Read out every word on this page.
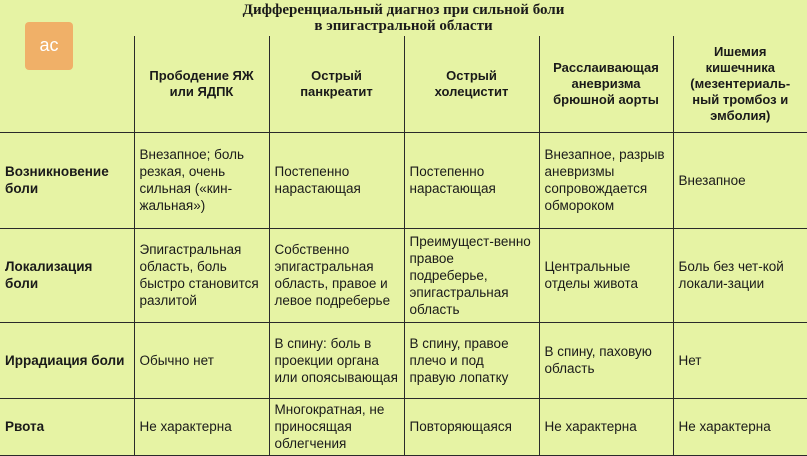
Дифференциальный диагноз при сильной боли
в эпигастральной области
ac
	Прободение ЯЖ или ЯДПК	Острый панкреатит	Острый холецистит	Расслаивающая аневризма брюшной аорты	Ишемия кишечника (мезентериаль-ный тромбоз и эмболия)
Возникновение боли	Внезапное; боль резкая, очень сильная («кин-жальная»)	Постепенно нарастающая	Постепенно нарастающая	Внезапное, разрыв аневризмы сопровождается обмороком	Внезапное
Локализация боли	Эпигастральная область, боль быстро становится разлитой	Собственно эпигастральная область, правое и левое подреберье	Преимущест-венно правое подреберье, эпигастральная область	Центральные отделы живота	Боль без чет-кой локали-зации
Иррадиация боли	Обычно нет	В спину: боль в проекции органа или опоясывающая	В спину, правое плечо и под правую лопатку	В спину, паховую область	Нет
Рвота	Не характерна	Многократная, не приносящая облегчения	Повторяющаяся	Не характерна	Не характерна
